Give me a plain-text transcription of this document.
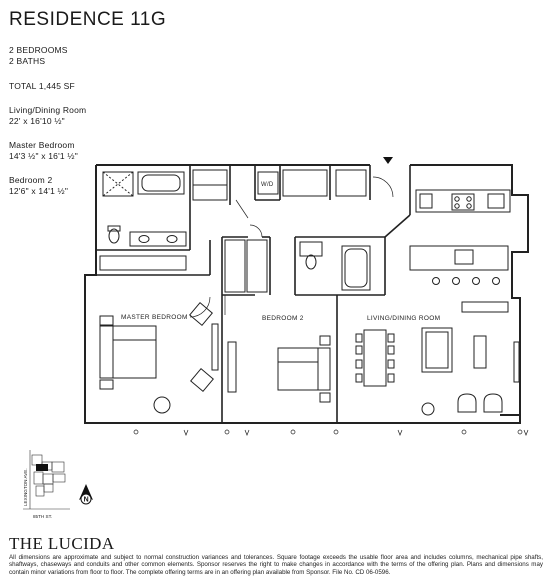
RESIDENCE 11G
2 BEDROOMS
2 BATHS
TOTAL 1,445 SF
Living/Dining Room
22' x 16'10 ½"
Master Bedroom
14'3 ½" x 16'1 ½"
Bedroom 2
12'6" x 14'1 ½"
MASTER BEDROOM	BEDROOM 2	LIVING/DINING ROOM
W/D
LEXINGTON AVE.
85TH ST.
N
THE LUCIDA
All dimensions are approximate and subject to normal construction variances and tolerances. Square footage exceeds the usable floor area and includes columns, mechanical pipe shafts, shaftways, chaseways and conduits and other common elements. Sponsor reserves the right to make changes in accordance with the terms of the offering plan. Plans and dimensions may contain minor variations from floor to floor. The complete offering terms are in an offering plan available from Sponsor. File No. CD 06-0596.
